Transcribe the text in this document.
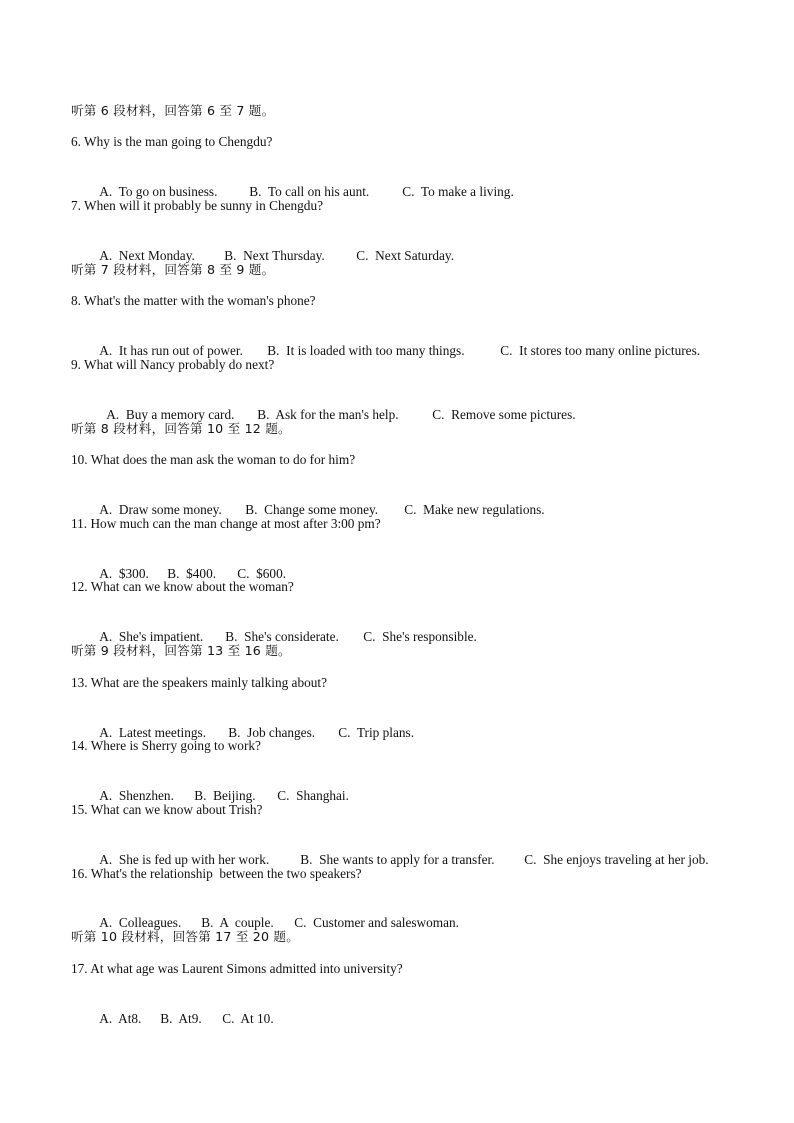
听第 6 段材料，回答第 6 至 7 题。
6. Why is the man going to Chengdu?

A.  To go on business. B.  To call on his aunt. C.  To make a living.

7. When will it probably be sunny in Chengdu?

A.  Next Monday. B.  Next Thursday. C.  Next Saturday.

听第 7 段材料，回答第 8 至 9 题。
8. What's the matter with the woman's phone?

A.  It has run out of power. B.  It is loaded with too many things.	C.  It stores too many online pictures.

9. What will Nancy probably do next?

A.  Buy a memory card. B.  Ask for the man's help.	C.  Remove some pictures.

听第 8 段材料，回答第 10 至 12 题。
10. What does the man ask the woman to do for him?

A.  Draw some money. B.  Change some money. C.  Make new regulations.

11. How much can the man change at most after 3:00 pm?

A.  $300. B.  $400. C.  $600.

12. What can we know about the woman?

A.  She's impatient. B.  She's considerate. C.  She's responsible.

听第 9 段材料，回答第 13 至 16 题。
13. What are the speakers mainly talking about?

A.  Latest meetings. B.  Job changes. C.  Trip plans.

14. Where is Sherry going to work?

A.  Shenzhen. B.  Beijing. C.  Shanghai.

15. What can we know about Trish?

A.  She is fed up with her work. B.  She wants to apply for a transfer. C.  She enjoys traveling at her job.

16. What's the relationship  between the two speakers?

A.  Colleagues. B.  A  couple. C.  Customer and saleswoman.

听第 10 段材料，回答第 17 至 20 题。
17. At what age was Laurent Simons admitted into university?

A.  At8. B.  At9. C.  At 10.
